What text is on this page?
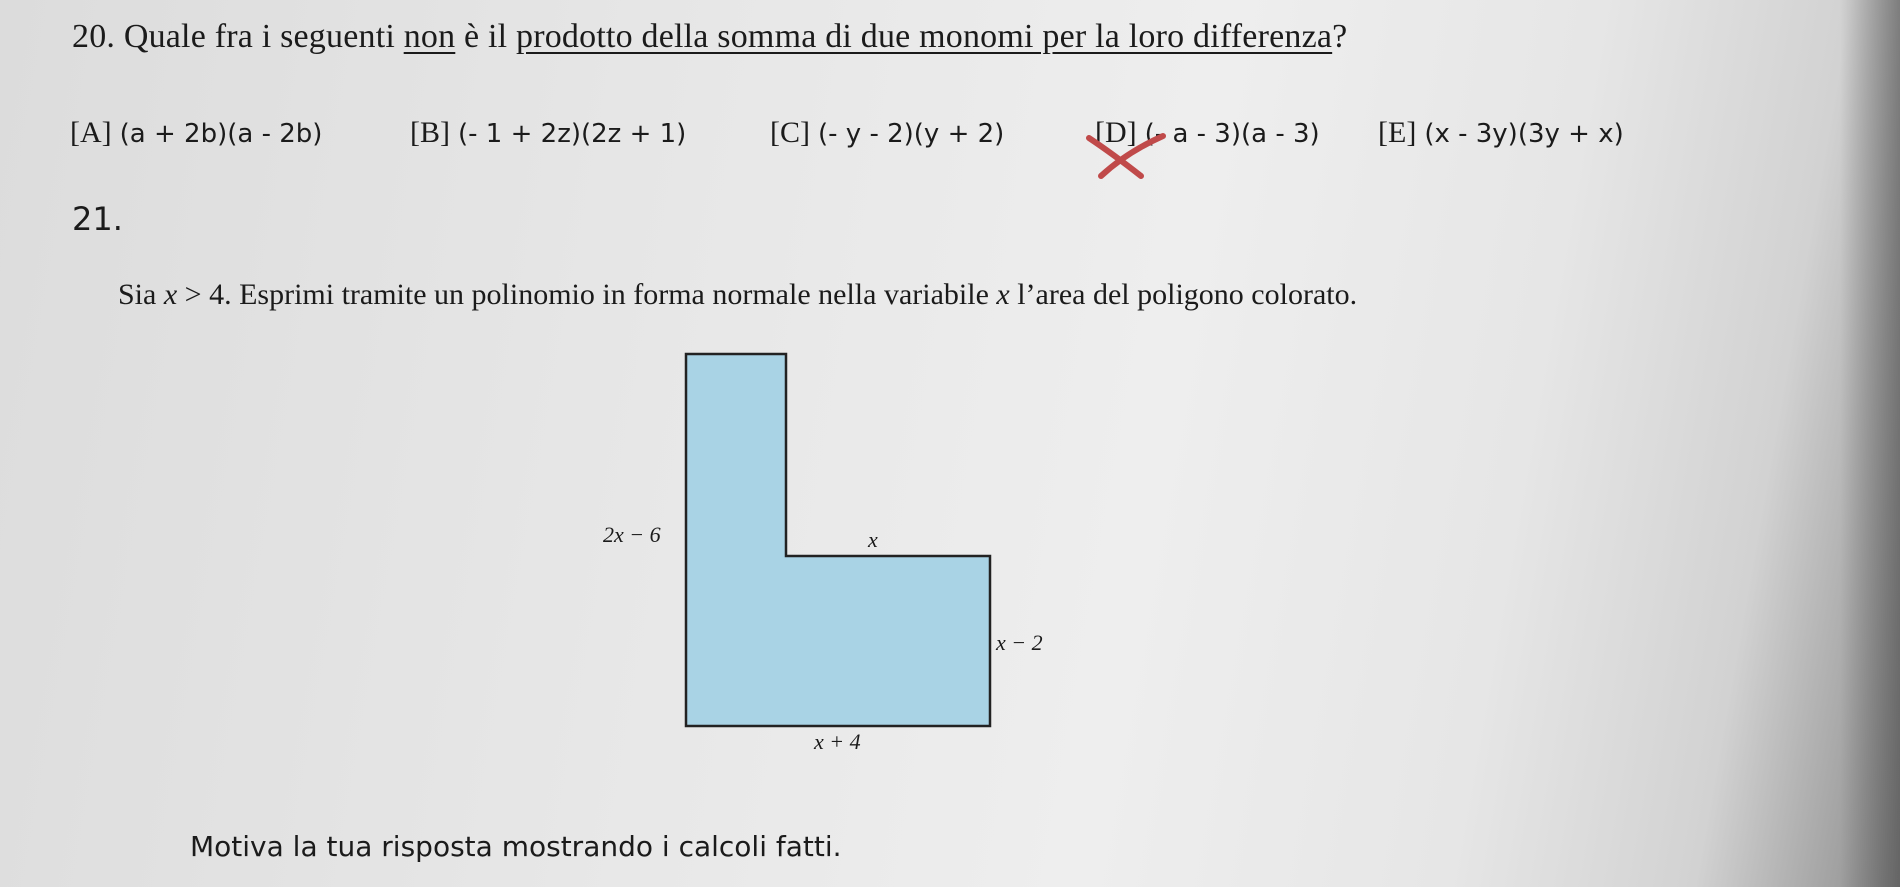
20. Quale fra i seguenti non è il prodotto della somma di due monomi per la loro differenza?
[A] (a + 2b)(a - 2b)	[B] (- 1 + 2z)(2z + 1)	[C] (- y - 2)(y + 2)	[D] (- a - 3)(a - 3) [E] (x - 3y)(3y + x)
21.
Sia x > 4. Esprimi tramite un polinomio in forma normale nella variabile x l’area del poligono colorato.
2x − 6	x
x − 2
x + 4
Motiva la tua risposta mostrando i calcoli fatti.
